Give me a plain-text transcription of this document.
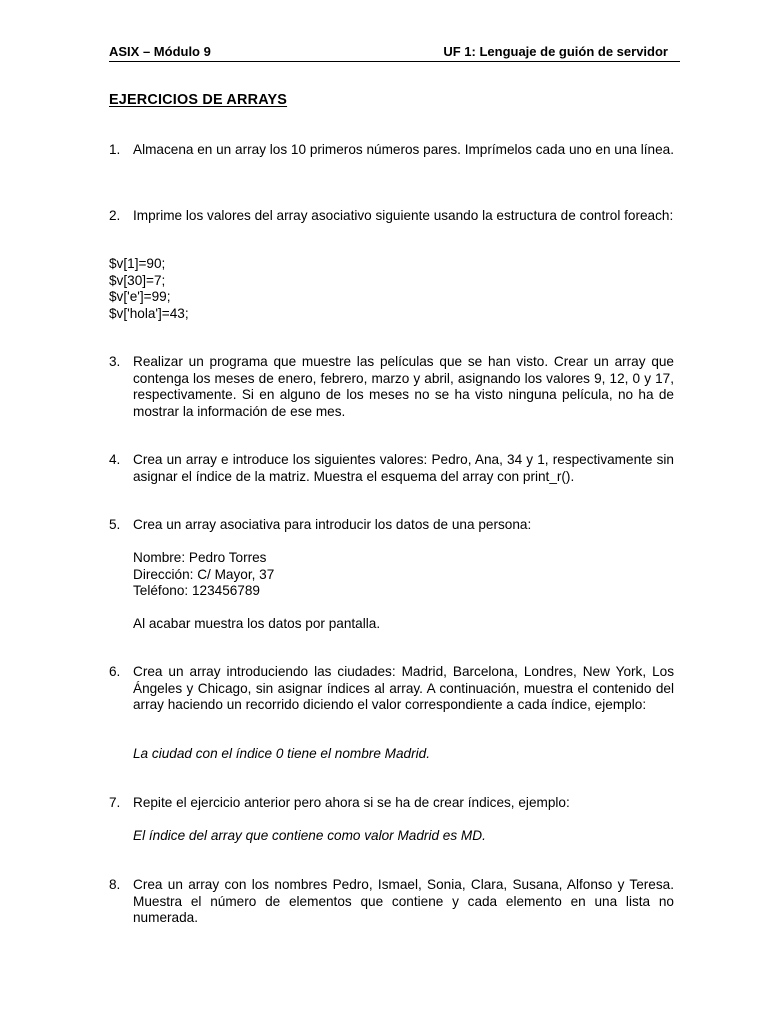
ASIX – Módulo 9	UF 1: Lenguaje de guión de servidor
EJERCICIOS DE ARRAYS
1. Almacena en un array los 10 primeros números pares. Imprímelos cada uno en una línea.
2. Imprime los valores del array asociativo siguiente usando la estructura de control foreach:
$v[1]=90;
$v[30]=7;
$v['e']=99;
$v['hola']=43;
3. Realizar un programa que muestre las películas que se han visto. Crear un array que contenga los meses de enero, febrero, marzo y abril, asignando los valores 9, 12, 0 y 17, respectivamente. Si en alguno de los meses no se ha visto ninguna película, no ha de mostrar la información de ese mes.
4. Crea un array e introduce los siguientes valores: Pedro, Ana, 34 y 1, respectivamente sin asignar el índice de la matriz. Muestra el esquema del array con print_r().
5. Crea un array asociativa para introducir los datos de una persona:
Nombre: Pedro Torres
Dirección: C/ Mayor, 37
Teléfono: 123456789
Al acabar muestra los datos por pantalla.
6. Crea un array introduciendo las ciudades: Madrid, Barcelona, Londres, New York, Los Ángeles y Chicago, sin asignar índices al array. A continuación, muestra el contenido del array haciendo un recorrido diciendo el valor correspondiente a cada índice, ejemplo:
La ciudad con el índice 0 tiene el nombre Madrid.
7. Repite el ejercicio anterior pero ahora si se ha de crear índices, ejemplo:
El índice del array que contiene como valor Madrid es MD.
8. Crea un array con los nombres Pedro, Ismael, Sonia, Clara, Susana, Alfonso y Teresa. Muestra el número de elementos que contiene y cada elemento en una lista no numerada.
